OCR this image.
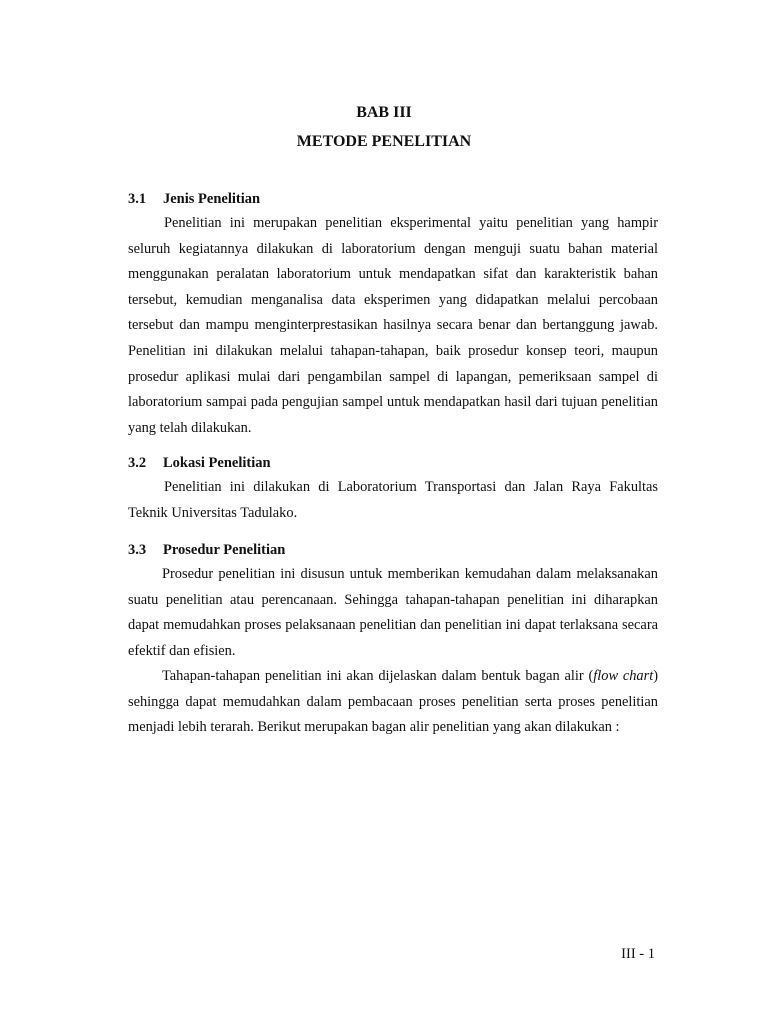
BAB III
METODE PENELITIAN
3.1 Jenis Penelitian

Penelitian ini merupakan penelitian eksperimental yaitu penelitian yang hampir seluruh kegiatannya dilakukan di laboratorium dengan menguji suatu bahan material menggunakan peralatan laboratorium untuk mendapatkan sifat dan karakteristik bahan tersebut, kemudian menganalisa data eksperimen yang didapatkan melalui percobaan tersebut dan mampu menginterprestasikan hasilnya secara benar dan bertanggung jawab. Penelitian ini dilakukan melalui tahapan-tahapan, baik prosedur konsep teori, maupun prosedur aplikasi mulai dari pengambilan sampel di lapangan, pemeriksaan sampel di laboratorium sampai pada pengujian sampel untuk mendapatkan hasil dari tujuan penelitian yang telah dilakukan.

3.2 Lokasi Penelitian

Penelitian ini dilakukan di Laboratorium Transportasi dan Jalan Raya Fakultas Teknik Universitas Tadulako.

3.3 Prosedur Penelitian

Prosedur penelitian ini disusun untuk memberikan kemudahan dalam melaksanakan suatu penelitian atau perencanaan. Sehingga tahapan-tahapan penelitian ini diharapkan dapat memudahkan proses pelaksanaan penelitian dan penelitian ini dapat terlaksana secara efektif dan efisien.

Tahapan-tahapan penelitian ini akan dijelaskan dalam bentuk bagan alir (flow chart) sehingga dapat memudahkan dalam pembacaan proses penelitian serta proses penelitian menjadi lebih terarah. Berikut merupakan bagan alir penelitian yang akan dilakukan :

III - 1
